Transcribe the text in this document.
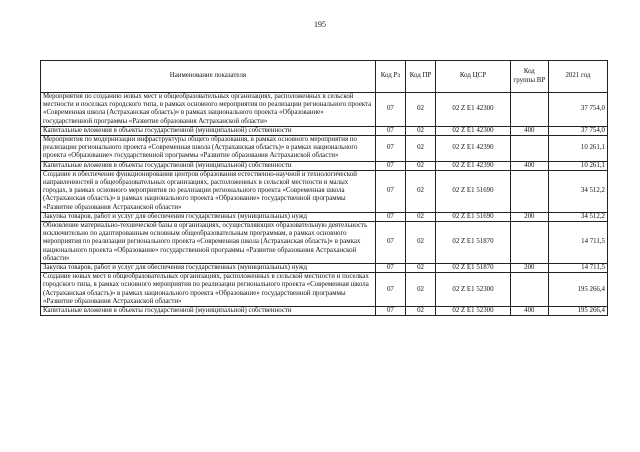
195
Наименование показателя	Код Рз	Код ПР	Код ЦСР	Код группы ВР	2021 год
Мероприятия по созданию новых мест в общеобразовательных организациях, расположенных в сельской местности и поселках городского типа, в рамках основного мероприятия по реализации регионального проекта «Современная школа (Астраханская область)» в рамках национального проекта «Образование» государственной программы «Развитие образования Астраханской области»	07	02	02 Z E1 42300		37 754,0
Капитальные вложения в объекты государственной (муниципальной) собственности	07	02	02 Z E1 42300	400	37 754,0
Мероприятия по модернизации инфраструктуры общего образования, в рамках основного мероприятия по реализации регионального проекта «Современная школа (Астраханская область)» в рамках национального проекта «Образование» государственной программы «Развитие образования Астраханской области»	07	02	02 Z E1 42390		10 261,1
Капитальные вложения в объекты государственной (муниципальной) собственности	07	02	02 Z E1 42390	400	10 261,1
Создание и обеспечение функционирования центров образования естественно-научной и технологической направленностей в общеобразовательных организациях, расположенных в сельской местности и малых городах, в рамках основного мероприятия по реализации регионального проекта «Современная школа (Астраханская область)» в рамках национального проекта «Образование» государственной программы «Развитие образования Астраханской области»	07	02	02 Z E1 51690		34 512,2
Закупка товаров, работ и услуг для обеспечения государственных (муниципальных) нужд	07	02	02 Z E1 51690	200	34 512,2
Обновление материально-технической базы в организациях, осуществляющих образовательную деятельность исключительно по адаптированным основным общеобразовательным программам, в рамках основного мероприятия по реализации регионального проекта «Современная школа (Астраханская область)» в рамках национального проекта «Образование» государственной программы «Развитие образования Астраханской области»	07	02	02 Z E1 51870		14 711,5
Закупка товаров, работ и услуг для обеспечения государственных (муниципальных) нужд	07	02	02 Z E1 51870	200	14 711,5
Создание новых мест в общеобразовательных организациях, расположенных в сельской местности и поселках городского типа, в рамках основного мероприятия по реализации регионального проекта «Современная школа (Астраханская область)» в рамках национального проекта «Образование» государственной программы «Развитие образования Астраханской области»	07	02	02 Z E1 52300		195 266,4
Капитальные вложения в объекты государственной (муниципальной) собственности	07	02	02 Z E1 52300	400	195 266,4
